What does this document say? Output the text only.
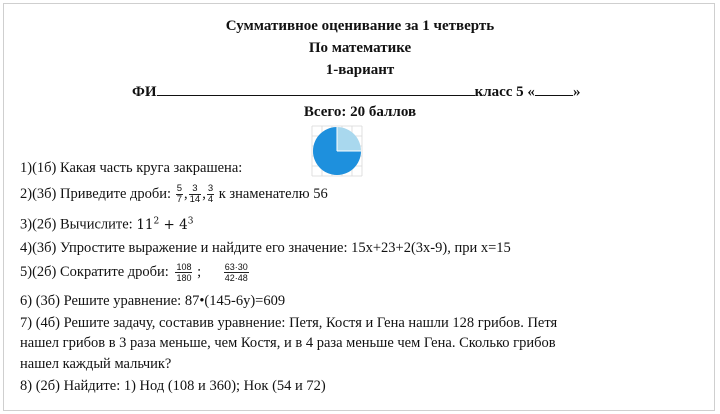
Суммативное оценивание за 1 четверть
По математике
1-вариант
ФИ	класс 5 «	»
Всего: 20 баллов
1)(1б) Какая часть круга закрашена:
2)(3б) Приведите дроби: $\frac{5}{7}$ , $\frac{3}{14}$ , $\frac{3}{4}$ к знаменателю 56
3)(2б) Вычислите: $11^2 + 4^3$
4)(3б) Упростите выражение и найдите его значение: 15x+23+2(3x-9), при x=15
5)(2б) Сократите дроби: $\frac{108}{180}$ ;	$\frac{63\cdot 30}{42\cdot 48}$
6) (3б) Решите уравнение: 87•(145-6y)=609
7) (4б) Решите задачу, составив уравнение: Петя, Костя и Гена нашли 128 грибов. Петя
нашел грибов в 3 раза меньше, чем Костя, и в 4 раза меньше чем Гена. Сколько грибов
нашел каждый мальчик?
8) (2б) Найдите: 1) Нод (108 и 360); Нок (54 и 72)
